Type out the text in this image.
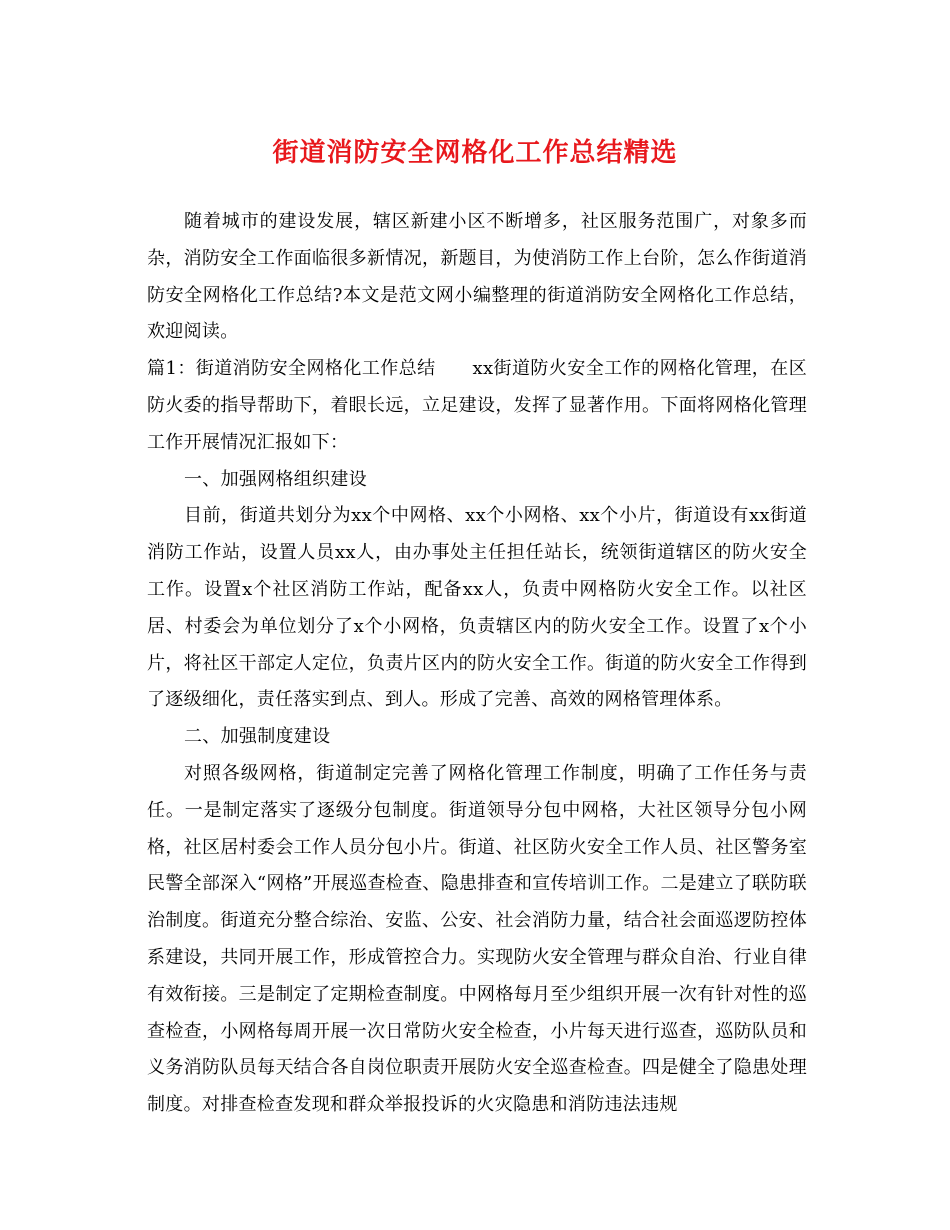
街道消防安全网格化工作总结精选

随着城市的建设发展，辖区新建小区不断增多，社区服务范围广，对象多而杂，消防安全工作面临很多新情况，新题目，为使消防工作上台阶，怎么作街道消防安全网格化工作总结?本文是范文网小编整理的街道消防安全网格化工作总结，欢迎阅读。

篇1：街道消防安全网格化工作总结　　xx街道防火安全工作的网格化管理，在区防火委的指导帮助下，着眼长远，立足建设，发挥了显著作用。下面将网格化管理工作开展情况汇报如下：

一、加强网格组织建设

目前，街道共划分为xx个中网格、xx个小网格、xx个小片，街道设有xx街道消防工作站，设置人员xx人，由办事处主任担任站长，统领街道辖区的防火安全工作。设置x个社区消防工作站，配备xx人，负责中网格防火安全工作。以社区居、村委会为单位划分了x个小网格，负责辖区内的防火安全工作。设置了x个小片，将社区干部定人定位，负责片区内的防火安全工作。街道的防火安全工作得到了逐级细化，责任落实到点、到人。形成了完善、高效的网格管理体系。

二、加强制度建设

对照各级网格，街道制定完善了网格化管理工作制度，明确了工作任务与责任。一是制定落实了逐级分包制度。街道领导分包中网格，大社区领导分包小网格，社区居村委会工作人员分包小片。街道、社区防火安全工作人员、社区警务室民警全部深入“网格”开展巡查检查、隐患排查和宣传培训工作。二是建立了联防联治制度。街道充分整合综治、安监、公安、社会消防力量，结合社会面巡逻防控体系建设，共同开展工作，形成管控合力。实现防火安全管理与群众自治、行业自律有效衔接。三是制定了定期检查制度。中网格每月至少组织开展一次有针对性的巡查检查，小网格每周开展一次日常防火安全检查，小片每天进行巡查，巡防队员和义务消防队员每天结合各自岗位职责开展防火安全巡查检查。四是健全了隐患处理制度。对排查检查发现和群众举报投诉的火灾隐患和消防违法违规
